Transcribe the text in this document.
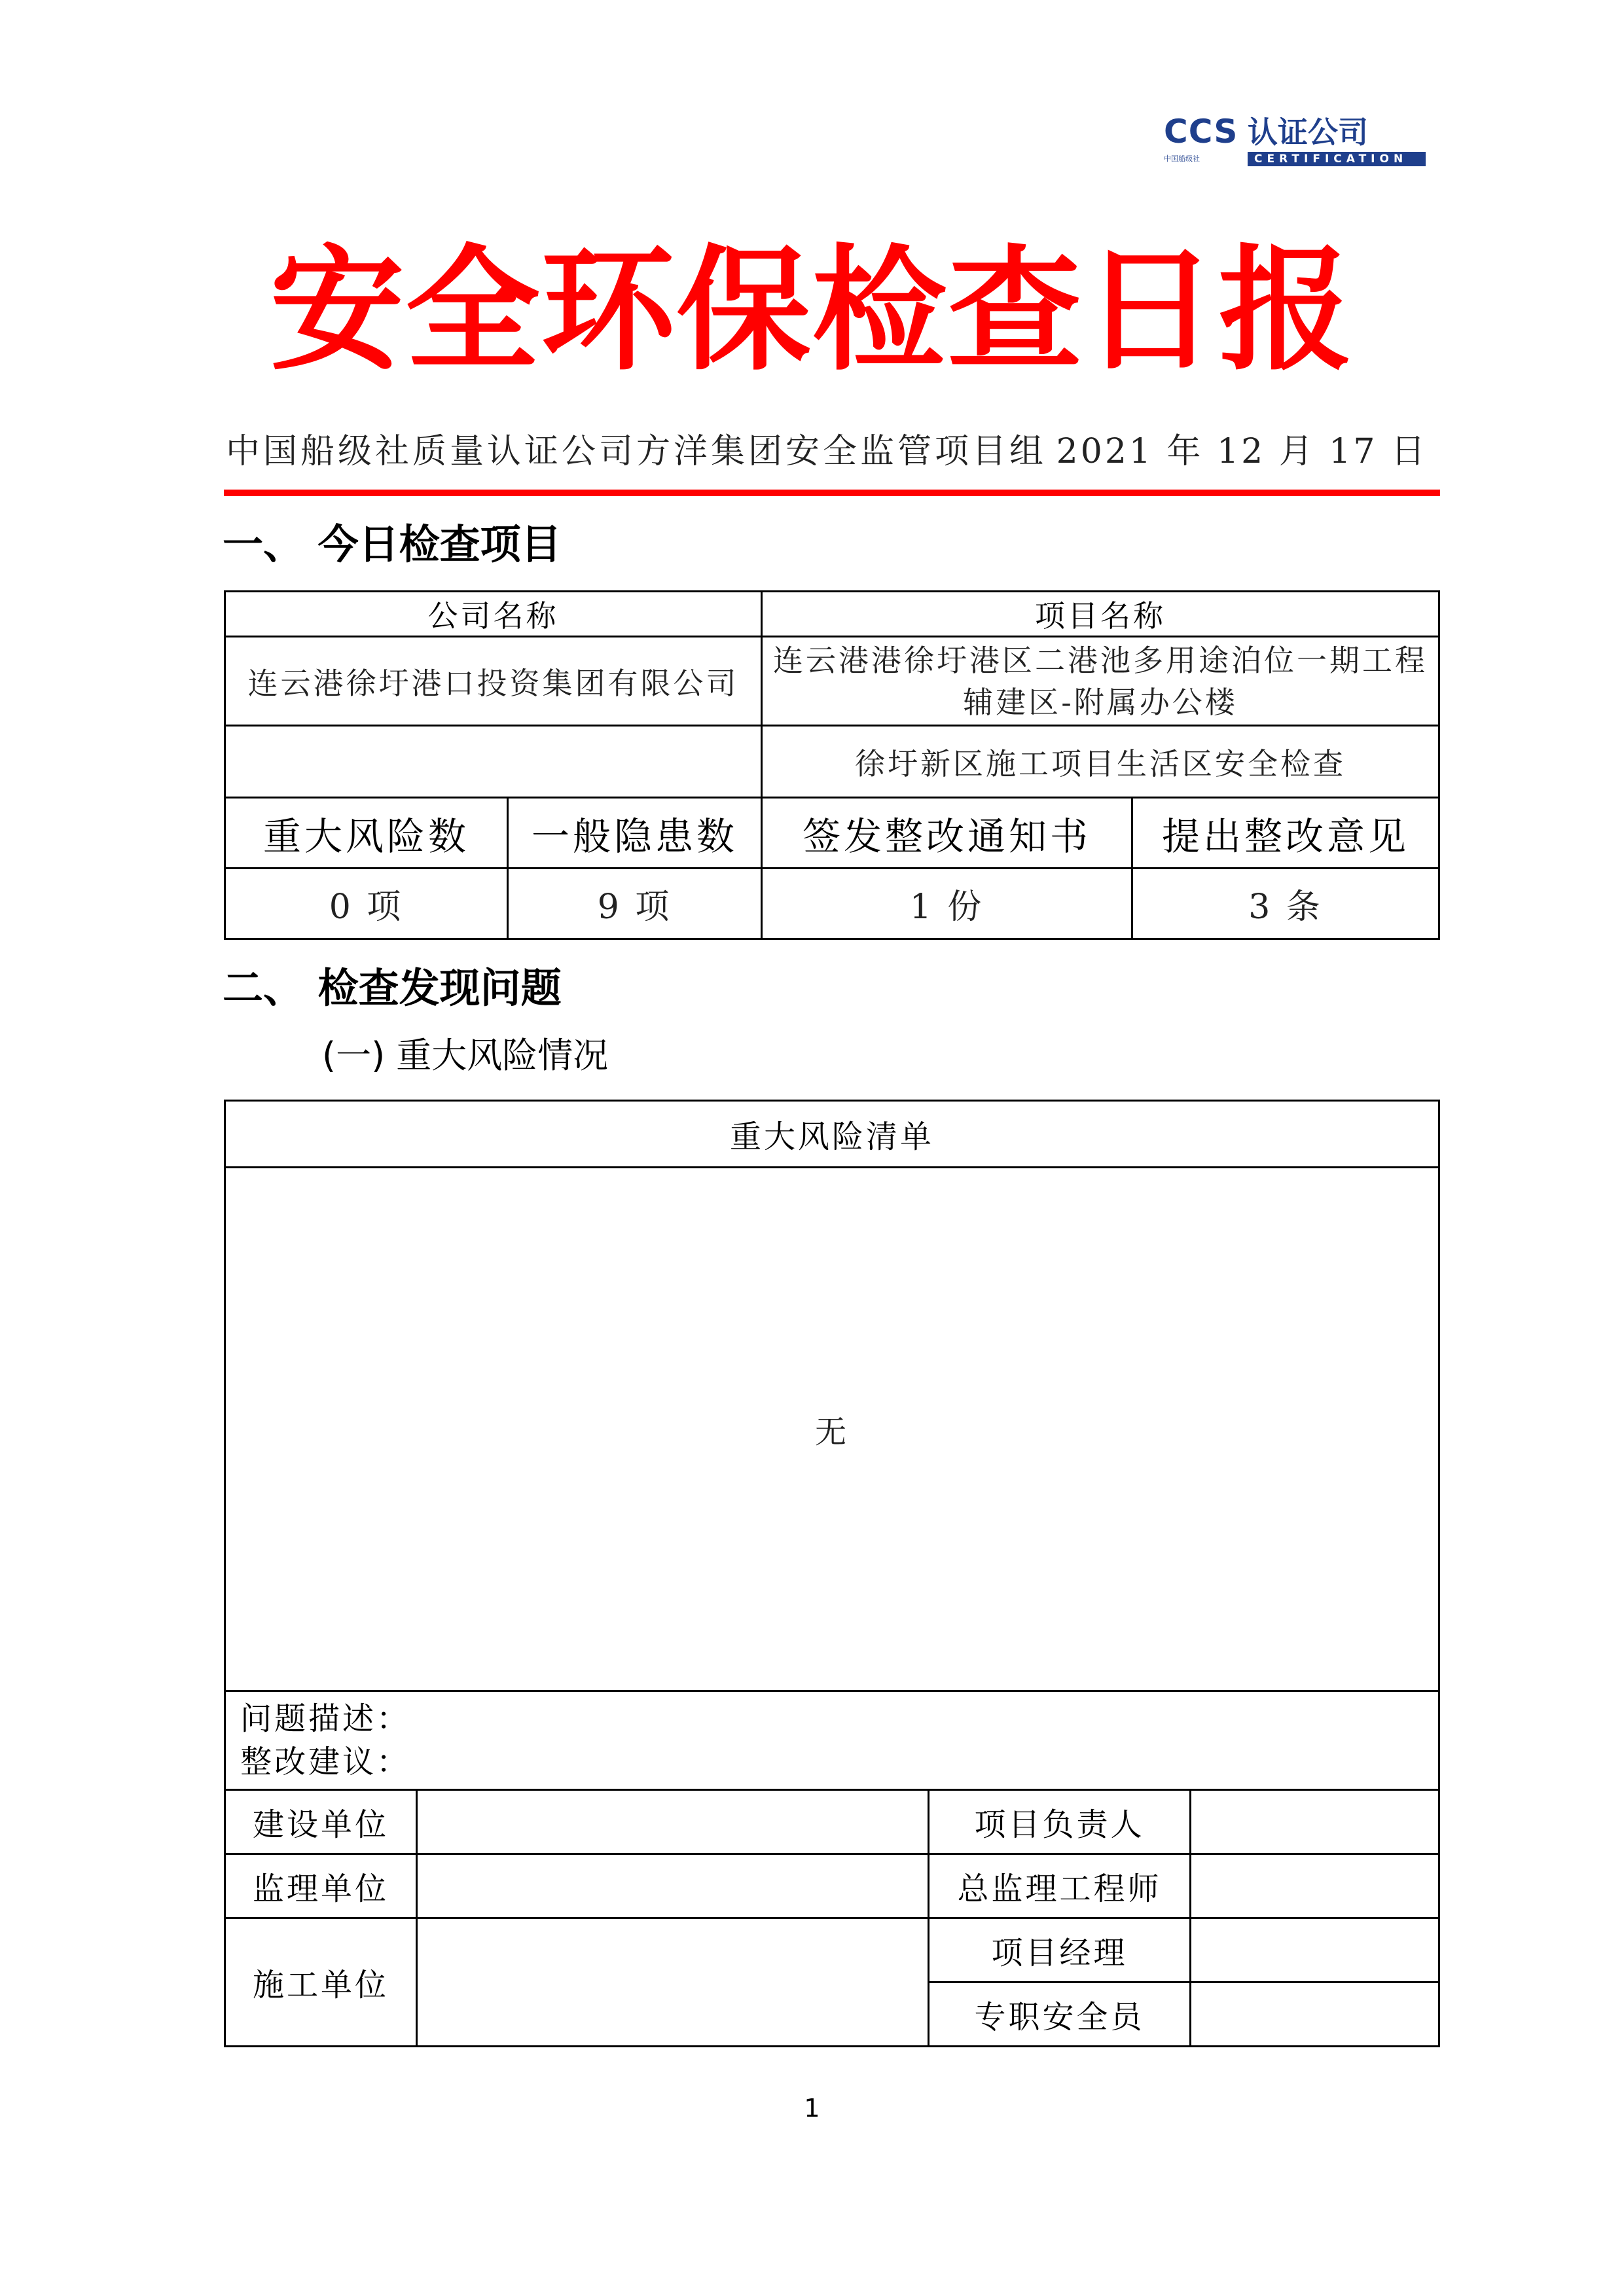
CCS 认证公司
中国船级社	CERTIFICATION
安全环保检查日报
中国船级社质量认证公司方洋集团安全监管项目组 2021 年 12 月 17 日
一、 今日检查项目
公司名称		项目名称	
连云港徐圩港口投资集团有限公司		连云港港徐圩港区二港池多用途泊位一期工程辅建区-附属办公楼	
		徐圩新区施工项目生活区安全检查	
重大风险数	一般隐患数	签发整改通知书	提出整改意见
0 项	9 项	1 份	3 条
二、 检查发现问题
(一) 重大风险情况
重大风险清单			
无			

问题描述：
整改建议：			

建设单位		项目负责人	
监理单位		总监理工程师	
施工单位		项目经理	
		专职安全员	
1
